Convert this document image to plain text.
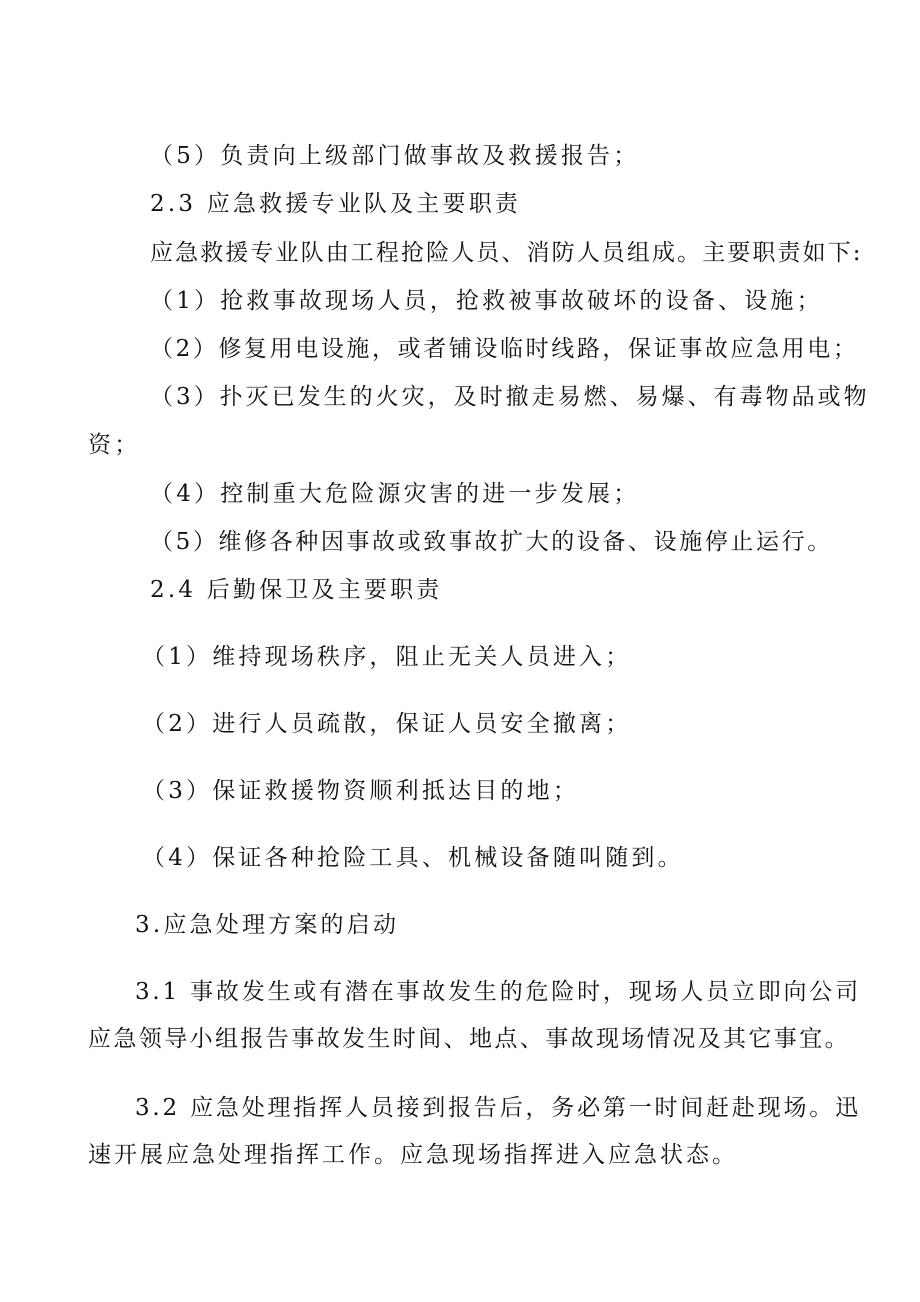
（5）负责向上级部门做事故及救援报告；
2.3 应急救援专业队及主要职责
应急救援专业队由工程抢险人员、消防人员组成。主要职责如下:
（1）抢救事故现场人员，抢救被事故破坏的设备、设施；
（2）修复用电设施，或者铺设临时线路，保证事故应急用电；
（3）扑灭已发生的火灾，及时撤走易燃、易爆、有毒物品或物
资；
（4）控制重大危险源灾害的进一步发展；
（5）维修各种因事故或致事故扩大的设备、设施停止运行。
2.4 后勤保卫及主要职责
（1）维持现场秩序，阻止无关人员进入；
（2）进行人员疏散，保证人员安全撤离；
（3）保证救援物资顺利抵达目的地；
（4）保证各种抢险工具、机械设备随叫随到。
3.应急处理方案的启动
3.1 事故发生或有潜在事故发生的危险时，现场人员立即向公司
应急领导小组报告事故发生时间、地点、事故现场情况及其它事宜。
3.2 应急处理指挥人员接到报告后，务必第一时间赶赴现场。迅
速开展应急处理指挥工作。应急现场指挥进入应急状态。
